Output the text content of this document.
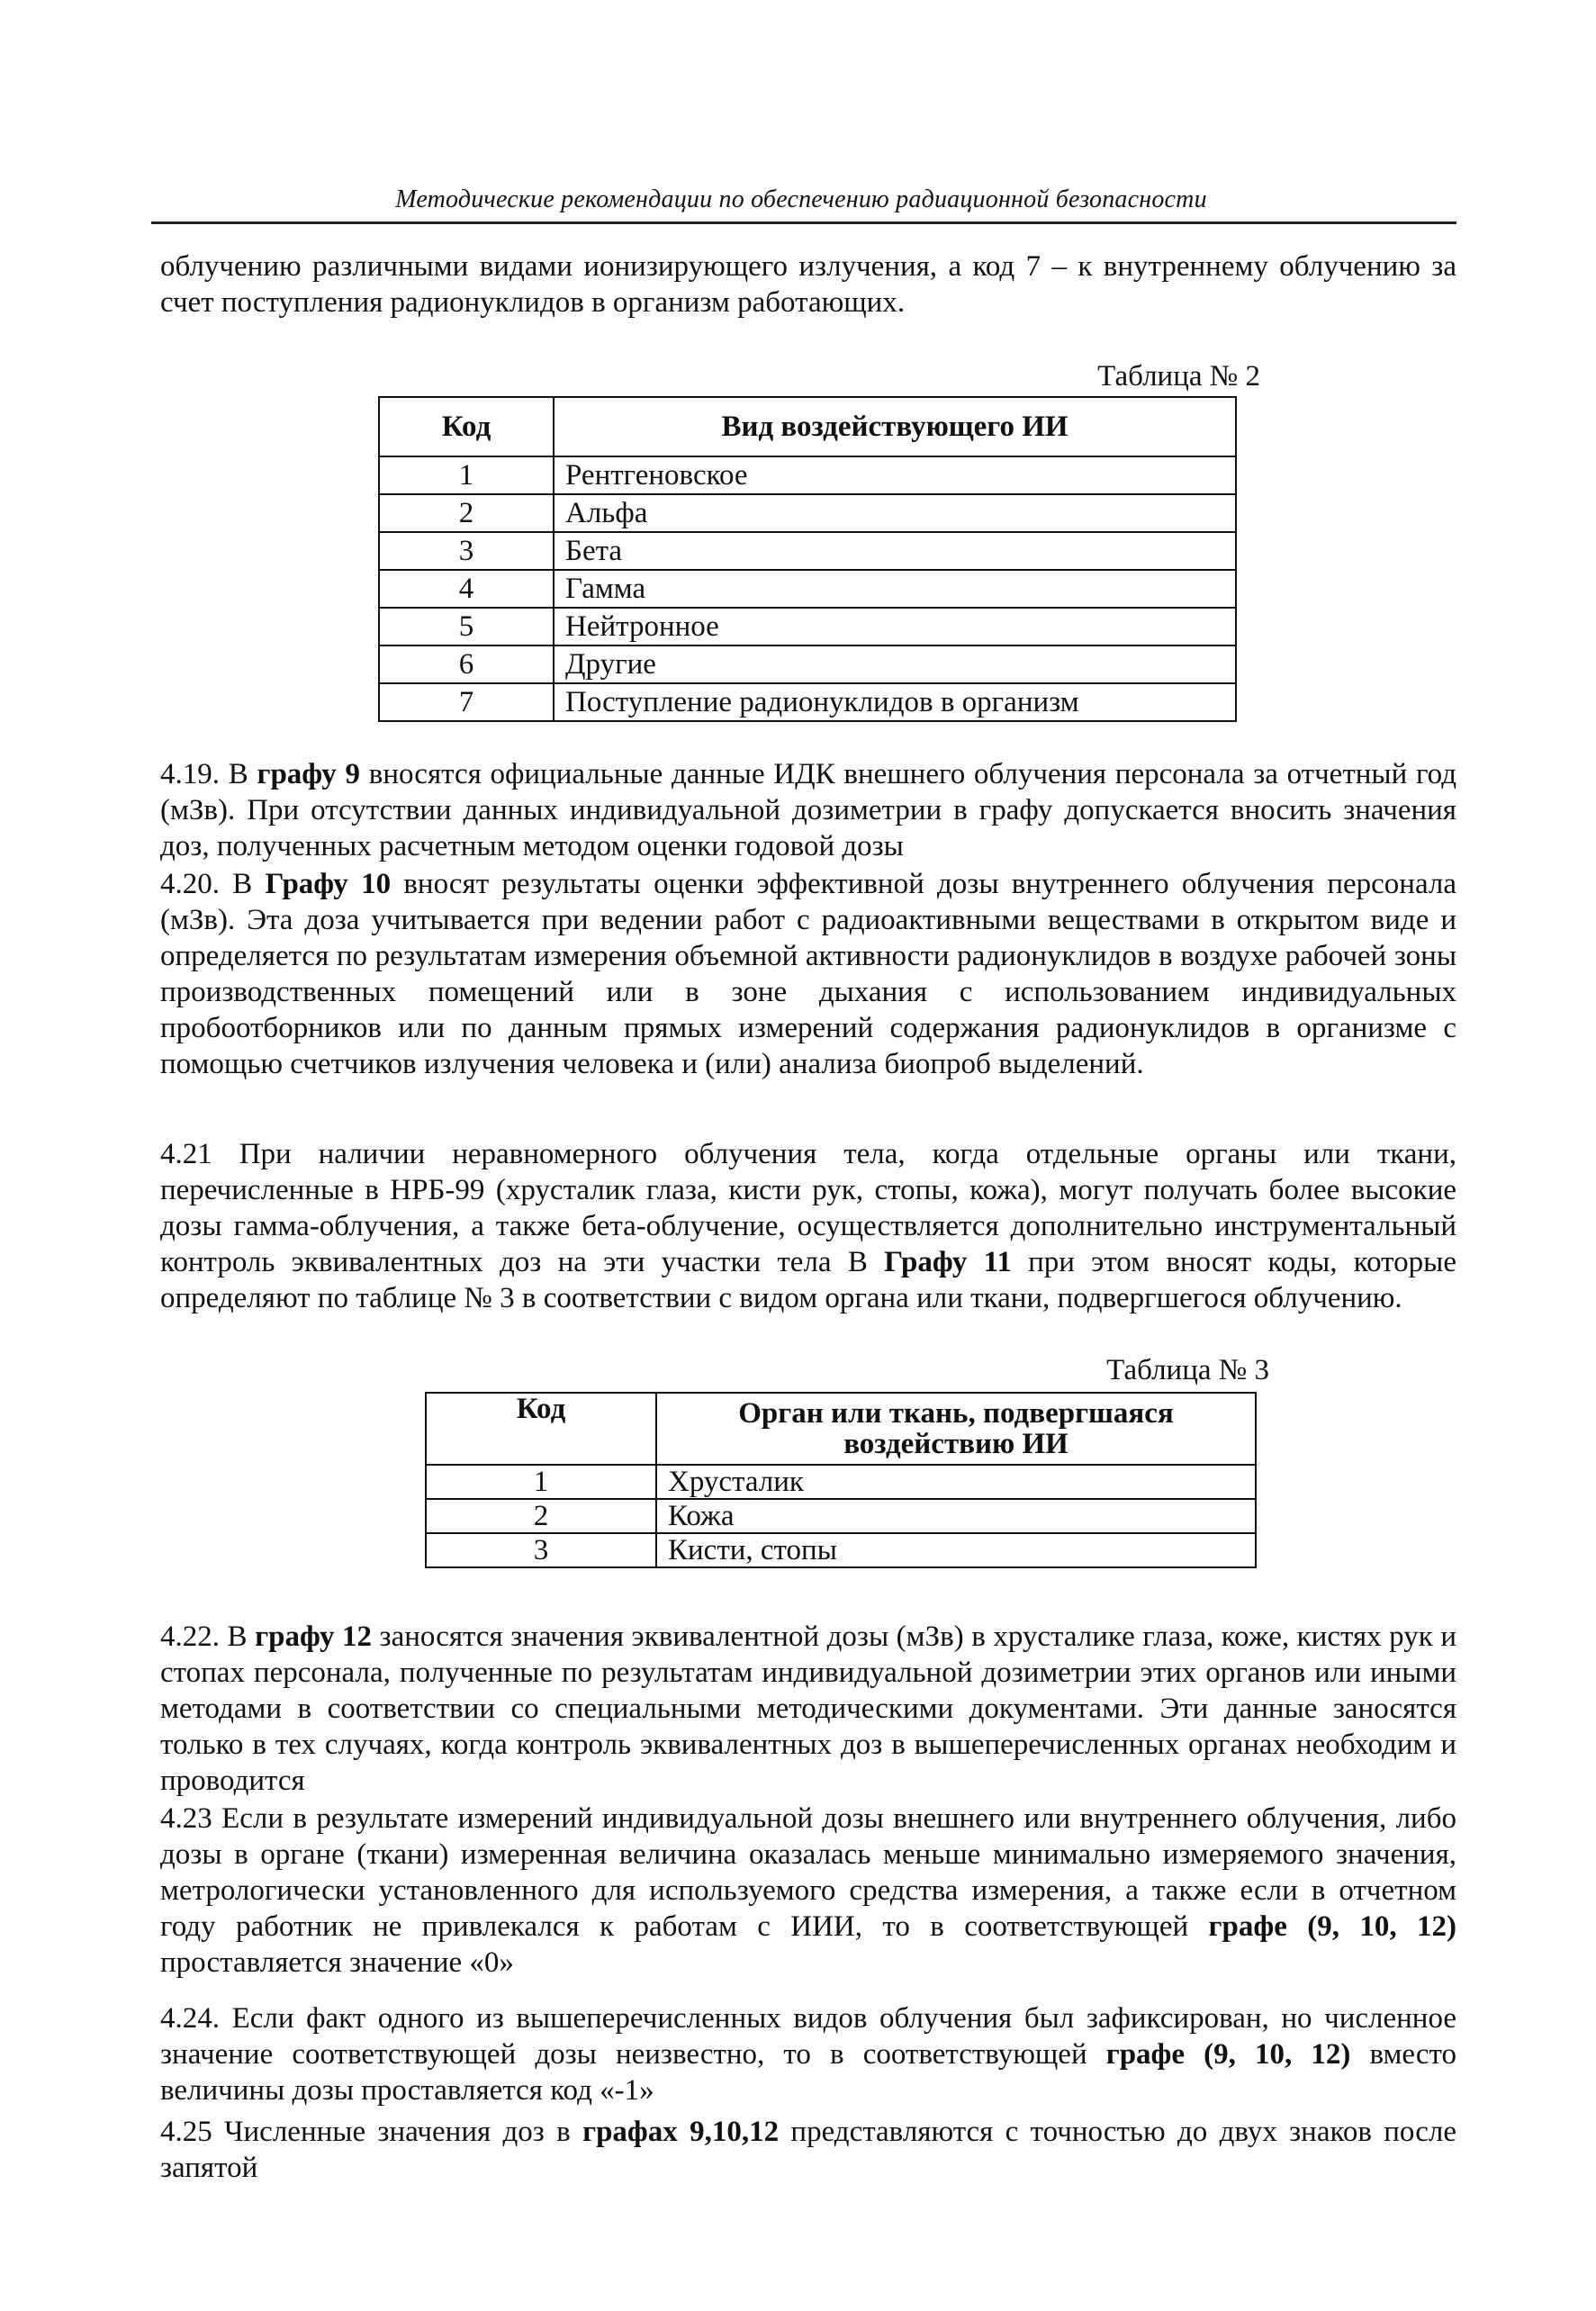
Методические рекомендации по обеспечению радиационной безопасности
облучению различными видами ионизирующего излучения, а код 7 – к внутреннему облучению за счет поступления радионуклидов в организм работающих.
Таблица № 2
Код	Вид воздействующего ИИ
1	Рентгеновское
2	Альфа
3	Бета
4	Гамма
5	Нейтронное
6	Другие
7	Поступление радионуклидов в организм
4.19. В графу 9 вносятся официальные данные ИДК внешнего облучения персонала за отчетный год (мЗв). При отсутствии данных индивидуальной дозиметрии в графу допускается вносить значения доз, полученных расчетным методом оценки годовой дозы
4.20. В Графу 10 вносят результаты оценки эффективной дозы внутреннего облучения персонала (мЗв). Эта доза учитывается при ведении работ с радиоактивными веществами в открытом виде и определяется по результатам измерения объемной активности радионуклидов в воздухе рабочей зоны производственных помещений или в зоне дыхания с использованием индивидуальных пробоотборников или по данным прямых измерений содержания радионуклидов в организме с помощью счетчиков излучения человека и (или) анализа биопроб выделений.
4.21 При наличии неравномерного облучения тела, когда отдельные органы или ткани, перечисленные в НРБ-99 (хрусталик глаза, кисти рук, стопы, кожа), могут получать более высокие дозы гамма-облучения, а также бета-облучение, осуществляется дополнительно инструментальный контроль эквивалентных доз на эти участки тела В Графу 11 при этом вносят коды, которые определяют по таблице № 3 в соответствии с видом органа или ткани, подвергшегося облучению.
Таблица № 3
Код	Орган или ткань, подвергшаяся воздействию ИИ
1	Хрусталик
2	Кожа
3	Кисти, стопы
4.22. В графу 12 заносятся значения эквивалентной дозы (мЗв) в хрусталике глаза, коже, кистях рук и стопах персонала, полученные по результатам индивидуальной дозиметрии этих органов или иными методами в соответствии со специальными методическими документами. Эти данные заносятся только в тех случаях, когда контроль эквивалентных доз в вышеперечисленных органах необходим и проводится
4.23 Если в результате измерений индивидуальной дозы внешнего или внутреннего облучения, либо дозы в органе (ткани) измеренная величина оказалась меньше минимально измеряемого значения, метрологически установленного для используемого средства измерения, а также если в отчетном году работник не привлекался к работам с ИИИ, то в соответствующей графе (9, 10, 12) проставляется значение «0»
4.24. Если факт одного из вышеперечисленных видов облучения был зафиксирован, но численное значение соответствующей дозы неизвестно, то в соответствующей графе (9, 10, 12) вместо величины дозы проставляется код «-1»
4.25 Численные значения доз в графах 9,10,12 представляются с точностью до двух знаков после запятой
